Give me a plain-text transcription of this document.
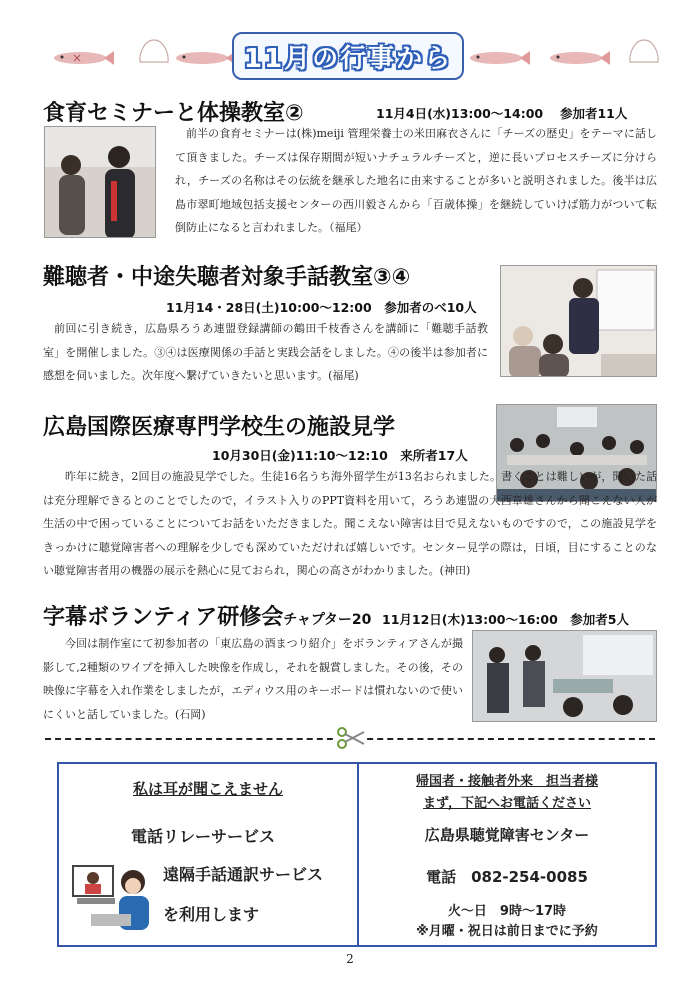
11月の行事から
食育セミナーと体操教室②	11月4日(水)13:00～14:00　 参加者11人
前半の食育セミナーは(株)meiji 管理栄養士の米田麻衣さんに「チーズの歴史」をテーマに話して頂きました。チーズは保存期間が短いナチュラルチーズと，逆に長いプロセスチーズに分けられ，チーズの名称はその伝統を継承した地名に由来することが多いと説明されました。後半は広島市翠町地域包括支援センターの西川毅さんから「百歳体操」を継続していけば筋力がついて転倒防止になると言われました。（福尾）
難聴者・中途失聴者対象手話教室③④
11月14・28日(土)10:00～12:00　参加者のべ10人
前回に引き続き，広島県ろうあ連盟登録講師の鶴田千枝香さんを講師に「難聴手話教室」を開催しました。③④は医療関係の手話と実践会話をしました。④の後半は参加者に感想を伺いました。次年度へ繋げていきたいと思います。(福尾)
広島国際医療専門学校生の施設見学
10月30日(金)11:10～12:10　来所者17人
昨年に続き，2回目の施設見学でした。生徒16名うち海外留学生が13名おられました。書くことは難しいが，聞いた話は充分理解できるとのことでしたので，イラスト入りのPPT資料を用いて，ろうあ連盟の大西章雄さんから聞こえない人が生活の中で困っていることについてお話をいただきました。聞こえない障害は目で見えないものですので，この施設見学をきっかけに聴覚障害者への理解を少しでも深めていただければ嬉しいです。センター見学の際は，日頃，目にすることのない聴覚障害者用の機器の展示を熱心に見ておられ，関心の高さがわかりました。(神田)
字幕ボランティア研修会チャプター20 11月12日(木)13:00～16:00　参加者5人
今回は制作室にて初参加者の「東広島の酒まつり紹介」をボランティアさんが撮影して,2種類のワイプを挿入した映像を作成し，それを観賞しました。その後，その映像に字幕を入れ作業をしましたが，エディウス用のキーボードは慣れないので使いにくいと話していました。(石岡)
私は耳が聞こえません
電話リレーサービス
遠隔手話通訳サービス
を利用します
帰国者・接触者外来　担当者様
まず，下記へお電話ください
広島県聴覚障害センター
電話　082-254-0085
火～日　9時～17時
※月曜・祝日は前日までに予約
2
